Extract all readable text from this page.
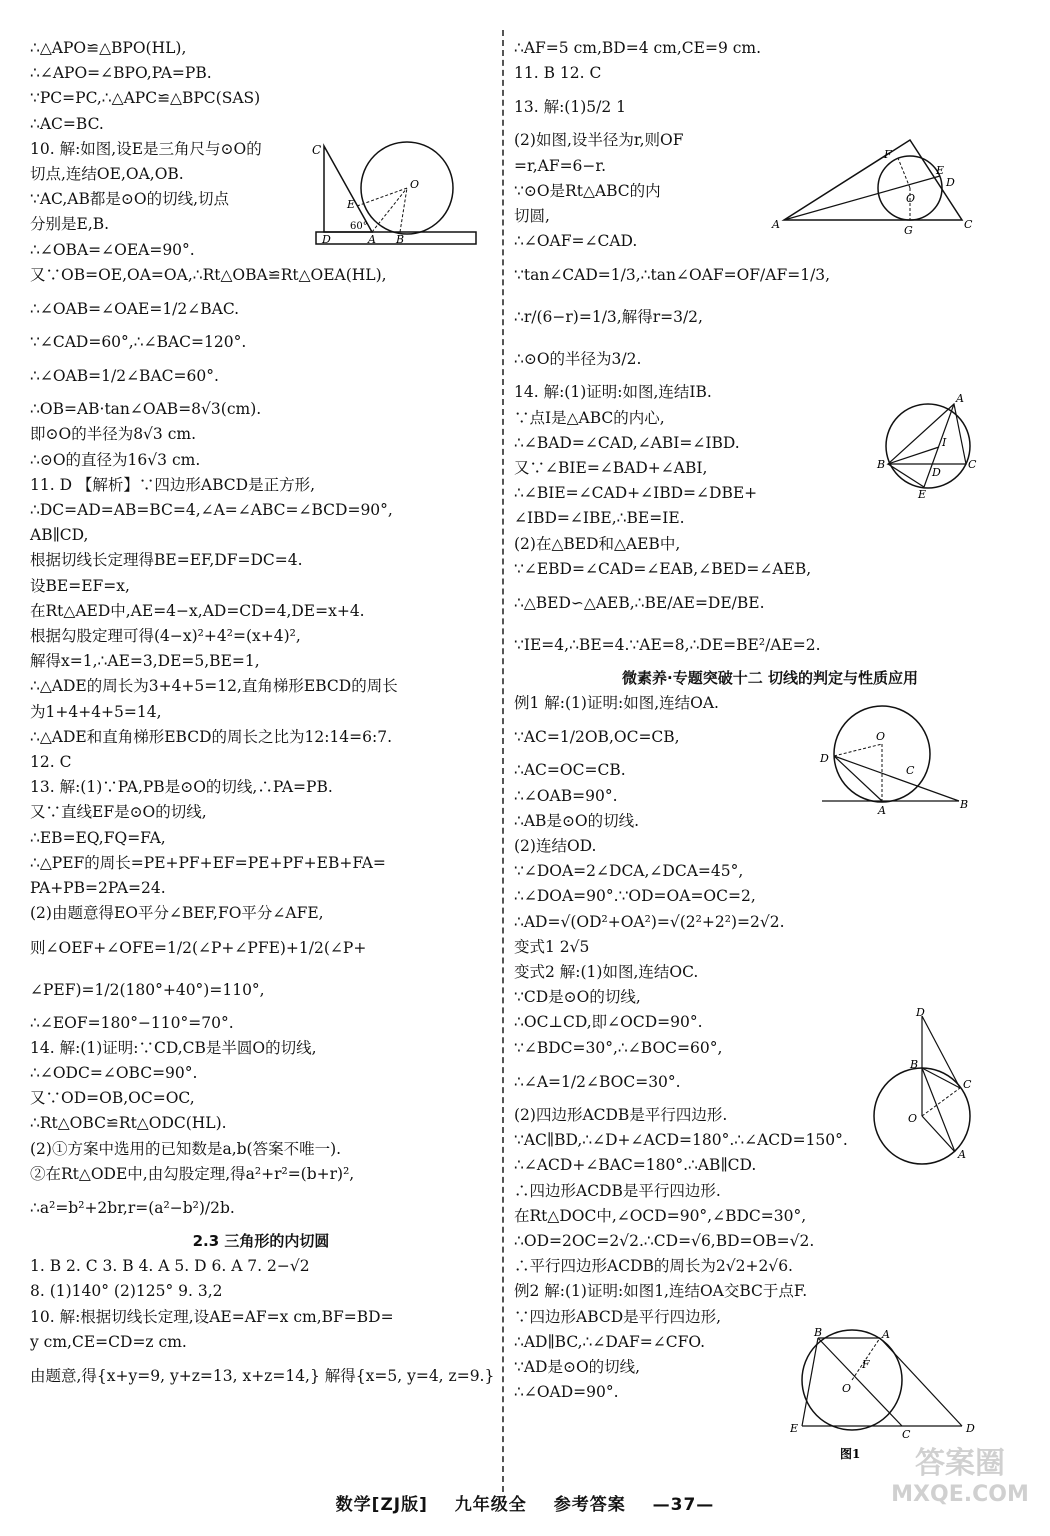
∴△APO≌△BPO(HL),
∴∠APO=∠BPO,PA=PB.
∵PC=PC,∴△APC≌△BPC(SAS)
∴AC=BC.
10. 解:如图,设E是三角尺与⊙O的
切点,连结OE,OA,OB.
∵AC,AB都是⊙O的切线,切点
分别是E,B.
∴∠OBA=∠OEA=90°.
又∵OB=OE,OA=OA,∴Rt△OBA≌Rt△OEA(HL),
∴∠OAB=∠OAE=1/2∠BAC.
∵∠CAD=60°,∴∠BAC=120°.
∴∠OAB=1/2∠BAC=60°.
∴OB=AB·tan∠OAB=8√3(cm).
即⊙O的半径为8√3 cm.
∴⊙O的直径为16√3 cm.
11. D 【解析】∵四边形ABCD是正方形,
∴DC=AD=AB=BC=4,∠A=∠ABC=∠BCD=90°,
AB∥CD,
根据切线长定理得BE=EF,DF=DC=4.
设BE=EF=x,
在Rt△AED中,AE=4−x,AD=CD=4,DE=x+4.
根据勾股定理可得(4−x)²+4²=(x+4)²,
解得x=1,∴AE=3,DE=5,BE=1,
∴△ADE的周长为3+4+5=12,直角梯形EBCD的周长
为1+4+4+5=14,
∴△ADE和直角梯形EBCD的周长之比为12:14=6:7.
12. C
13. 解:(1)∵PA,PB是⊙O的切线,∴PA=PB.
又∵直线EF是⊙O的切线,
∴EB=EQ,FQ=FA,
∴△PEF的周长=PE+PF+EF=PE+PF+EB+FA=
PA+PB=2PA=24.
(2)由题意得EO平分∠BEF,FO平分∠AFE,
则∠OEF+∠OFE=1/2(∠P+∠PFE)+1/2(∠P+
∠PEF)=1/2(180°+40°)=110°,
∴∠EOF=180°−110°=70°.
14. 解:(1)证明:∵CD,CB是半圆O的切线,
∴∠ODC=∠OBC=90°.
又∵OD=OB,OC=OC,
∴Rt△OBC≌Rt△ODC(HL).
(2)①方案中选用的已知数是a,b(答案不唯一).
②在Rt△ODE中,由勾股定理,得a²+r²=(b+r)²,
∴a²=b²+2br,r=(a²−b²)/2b.
2.3 三角形的内切圆
1. B 2. C 3. B 4. A 5. D 6. A 7. 2−√2
8. (1)140° (2)125° 9. 3,2
10. 解:根据切线长定理,设AE=AF=x cm,BF=BD=
y cm,CE=CD=z cm.
由题意,得{x+y=9, y+z=13, x+z=14,} 解得{x=5, y=4, z=9.}
∴AF=5 cm,BD=4 cm,CE=9 cm.
11. B 12. C
13. 解:(1)5/2 1
(2)如图,设半径为r,则OF
=r,AF=6−r.
∵⊙O是Rt△ABC的内
切圆,
∴∠OAF=∠CAD.
∵tan∠CAD=1/3,∴tan∠OAF=OF/AF=1/3,
∴r/(6−r)=1/3,解得r=3/2,
∴⊙O的半径为3/2.
14. 解:(1)证明:如图,连结IB.
∵点I是△ABC的内心,
∴∠BAD=∠CAD,∠ABI=∠IBD.
又∵∠BIE=∠BAD+∠ABI,
∴∠BIE=∠CAD+∠IBD=∠DBE+
∠IBD=∠IBE,∴BE=IE.
(2)在△BED和△AEB中,
∵∠EBD=∠CAD=∠EAB,∠BED=∠AEB,
∴△BED∽△AEB,∴BE/AE=DE/BE.
∵IE=4,∴BE=4.∵AE=8,∴DE=BE²/AE=2.
微素养·专题突破十二 切线的判定与性质应用
例1 解:(1)证明:如图,连结OA.
∵AC=1/2OB,OC=CB,
∴AC=OC=CB.
∴∠OAB=90°.
∴AB是⊙O的切线.
(2)连结OD.
∵∠DOA=2∠DCA,∠DCA=45°,
∴∠DOA=90°.∵OD=OA=OC=2,
∴AD=√(OD²+OA²)=√(2²+2²)=2√2.
变式1 2√5
变式2 解:(1)如图,连结OC.
∵CD是⊙O的切线,
∴OC⊥CD,即∠OCD=90°.
∵∠BDC=30°,∴∠BOC=60°,
∴∠A=1/2∠BOC=30°.
(2)四边形ACDB是平行四边形.
∵AC∥BD,∴∠D+∠ACD=180°.∴∠ACD=150°.
∴∠ACD+∠BAC=180°.∴AB∥CD.
∴四边形ACDB是平行四边形.
在Rt△DOC中,∠OCD=90°,∠BDC=30°,
∴OD=2OC=2√2.∴CD=√6,BD=OB=√2.
∴平行四边形ACDB的周长为2√2+2√6.
例2 解:(1)证明:如图1,连结OA交BC于点F.
∵四边形ABCD是平行四边形,
∴AD∥BC,∴∠DAF=∠CFO.
∵AD是⊙O的切线,
∴∠OAD=90°.
C
E
O
60°
D	A B
F
E
D
O
A	G	C
A
I
B
D
C
E
O
D
C
A	B
D
B
C
O
A
B	A
F
O
E	C	D
图1
数学[ZJ版] 九年级全 参考答案 —37—
答案圈
MXQE.COM
